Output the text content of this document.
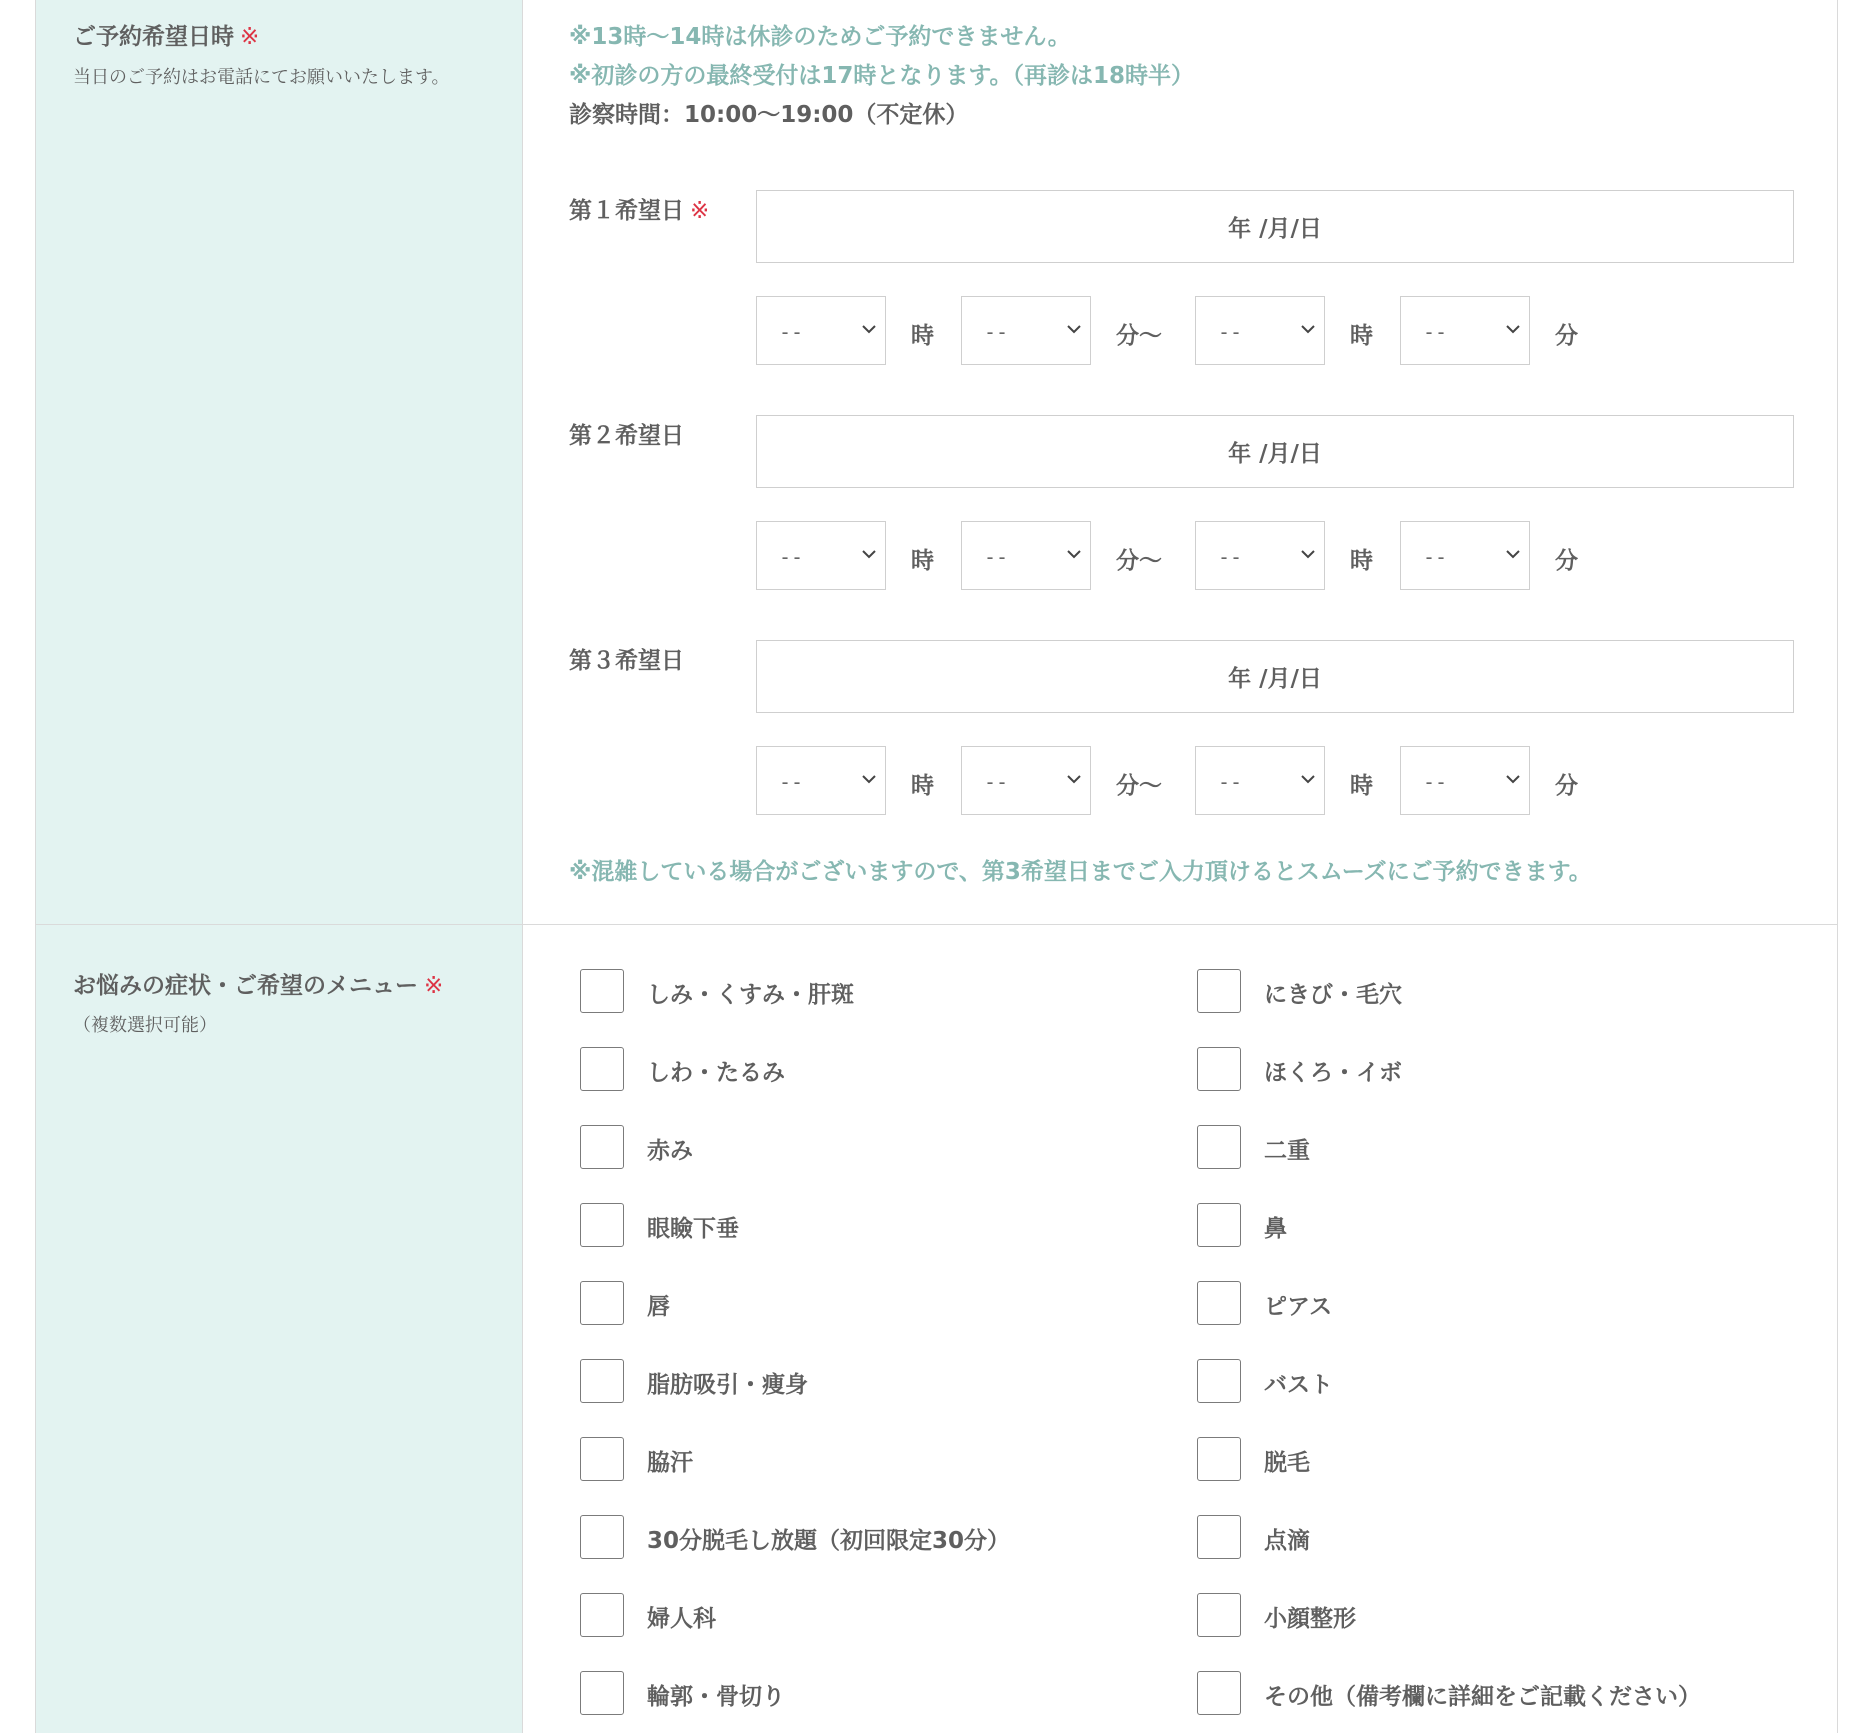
ご予約希望日時 ※
当日のご予約はお電話にてお願いいたします。
※13時〜14時は休診のためご予約できません。
※初診の方の最終受付は17時となります。（再診は18時半）
診察時間：10:00〜19:00（不定休）
第１希望日 ※
年 /月/日
--	時	--	分〜	--	時	--	分
第２希望日
年 /月/日
--	時	--	分〜	--	時	--	分
第３希望日
年 /月/日
--	時	--	分〜	--	時	--	分
※混雑している場合がございますので、第3希望日までご入力頂けるとスムーズにご予約できます。
お悩みの症状・ご希望のメニュー ※
（複数選択可能）
しみ・くすみ・肝斑
しわ・たるみ
赤み
眼瞼下垂
唇
脂肪吸引・痩身
脇汗
30分脱毛し放題（初回限定30分）
婦人科
輪郭・骨切り
にきび・毛穴
ほくろ・イボ
二重
鼻
ピアス
バスト
脱毛
点滴
小顔整形
その他（備考欄に詳細をご記載ください）
